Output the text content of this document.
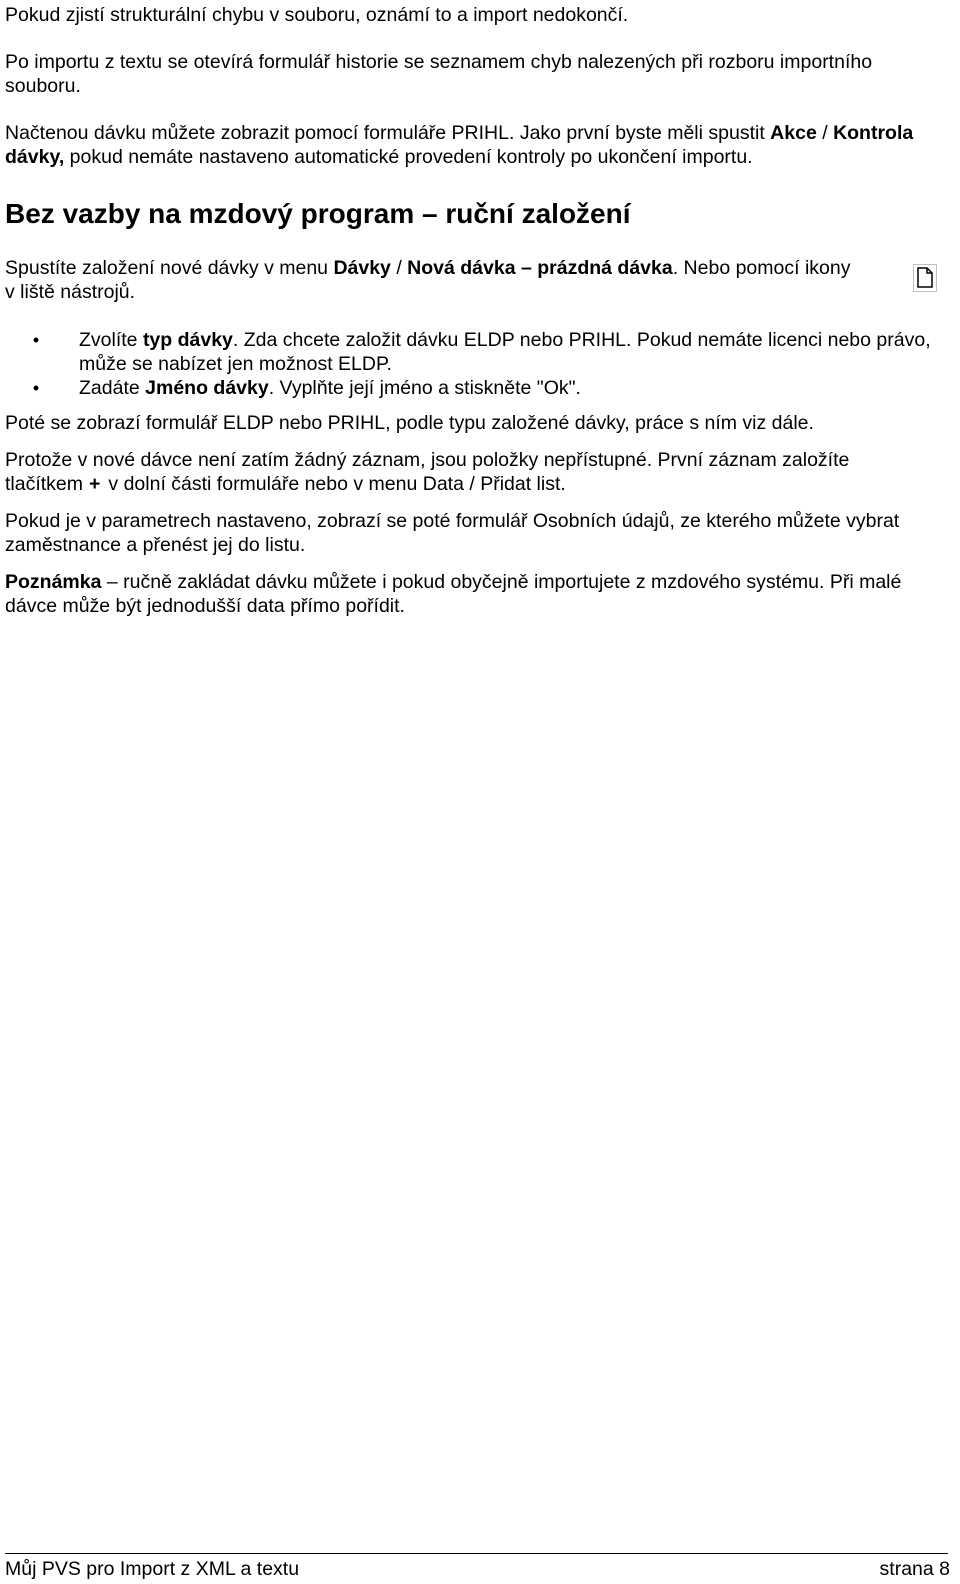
Pokud zjistí strukturální chybu v souboru, oznámí to a import nedokončí.

Po importu z textu se otevírá formulář historie se seznamem chyb nalezených při rozboru importního souboru.

Načtenou dávku můžete zobrazit pomocí formuláře PRIHL. Jako první byste měli spustit Akce / Kontrola dávky, pokud nemáte nastaveno automatické provedení kontroly po ukončení importu.

Bez vazby na mzdový program – ruční založení

Spustíte založení nové dávky v menu Dávky / Nová dávka – prázdná dávka. Nebo pomocí ikony
v liště nástrojů.

• Zvolíte typ dávky. Zda chcete založit dávku ELDP nebo PRIHL. Pokud nemáte licenci nebo právo, může se nabízet jen možnost ELDP.
• Zadáte Jméno dávky. Vyplňte její jméno a stiskněte "Ok".

Poté se zobrazí formulář ELDP nebo PRIHL, podle typu založené dávky, práce s ním viz dále.

Protože v nové dávce není zatím žádný záznam, jsou položky nepřístupné. První záznam založíte tlačítkem + v dolní části formuláře nebo v menu Data / Přidat list.

Pokud je v parametrech nastaveno, zobrazí se poté formulář Osobních údajů, ze kterého můžete vybrat zaměstnance a přenést jej do listu.

Poznámka – ručně zakládat dávku můžete i pokud obyčejně importujete z mzdového systému. Při malé dávce může být jednodušší data přímo pořídit.

Můj PVS pro Import z XML a textu	strana 8
